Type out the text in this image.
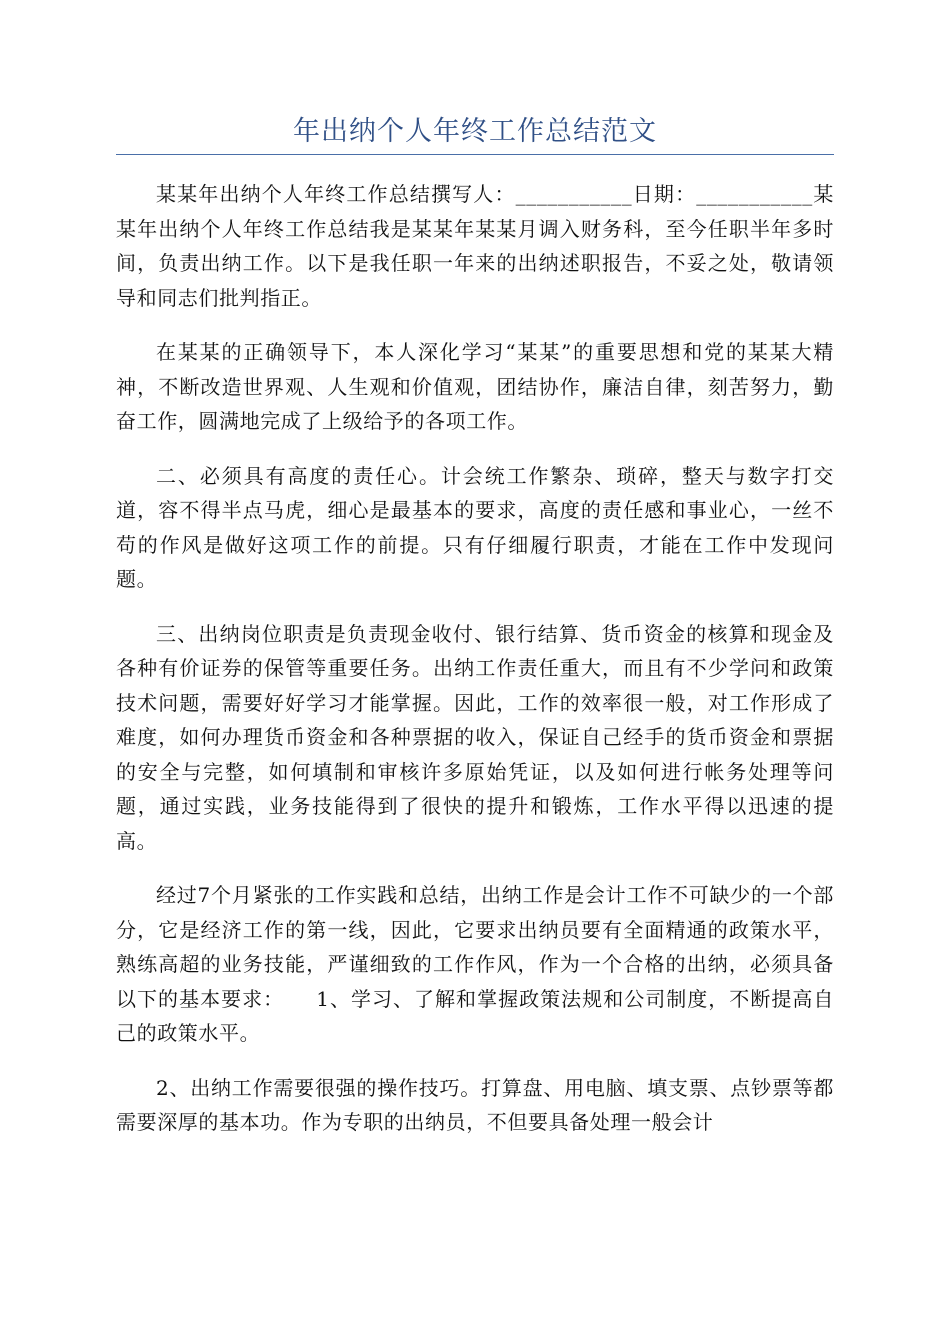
年出纳个人年终工作总结范文

某某年出纳个人年终工作总结撰写人：___________日期：___________某某年出纳个人年终工作总结我是某某年某某月调入财务科，至今任职半年多时间，负责出纳工作。以下是我任职一年来的出纳述职报告，不妥之处，敬请领导和同志们批判指正。

在某某的正确领导下，本人深化学习“某某”的重要思想和党的某某大精神，不断改造世界观、人生观和价值观，团结协作，廉洁自律，刻苦努力，勤奋工作，圆满地完成了上级给予的各项工作。

二、必须具有高度的责任心。计会统工作繁杂、琐碎，整天与数字打交道，容不得半点马虎，细心是最基本的要求，高度的责任感和事业心，一丝不苟的作风是做好这项工作的前提。只有仔细履行职责，才能在工作中发现问题。

三、出纳岗位职责是负责现金收付、银行结算、货币资金的核算和现金及各种有价证券的保管等重要任务。出纳工作责任重大，而且有不少学问和政策技术问题，需要好好学习才能掌握。因此，工作的效率很一般，对工作形成了难度，如何办理货币资金和各种票据的收入，保证自己经手的货币资金和票据的安全与完整，如何填制和审核许多原始凭证，以及如何进行帐务处理等问题，通过实践，业务技能得到了很快的提升和锻炼，工作水平得以迅速的提高。

经过7个月紧张的工作实践和总结，出纳工作是会计工作不可缺少的一个部分，它是经济工作的第一线，因此，它要求出纳员要有全面精通的政策水平，熟练高超的业务技能，严谨细致的工作作风，作为一个合格的出纳，必须具备以下的基本要求：　　1、学习、了解和掌握政策法规和公司制度，不断提高自己的政策水平。

2、出纳工作需要很强的操作技巧。打算盘、用电脑、填支票、点钞票等都需要深厚的基本功。作为专职的出纳员，不但要具备处理一般会计
